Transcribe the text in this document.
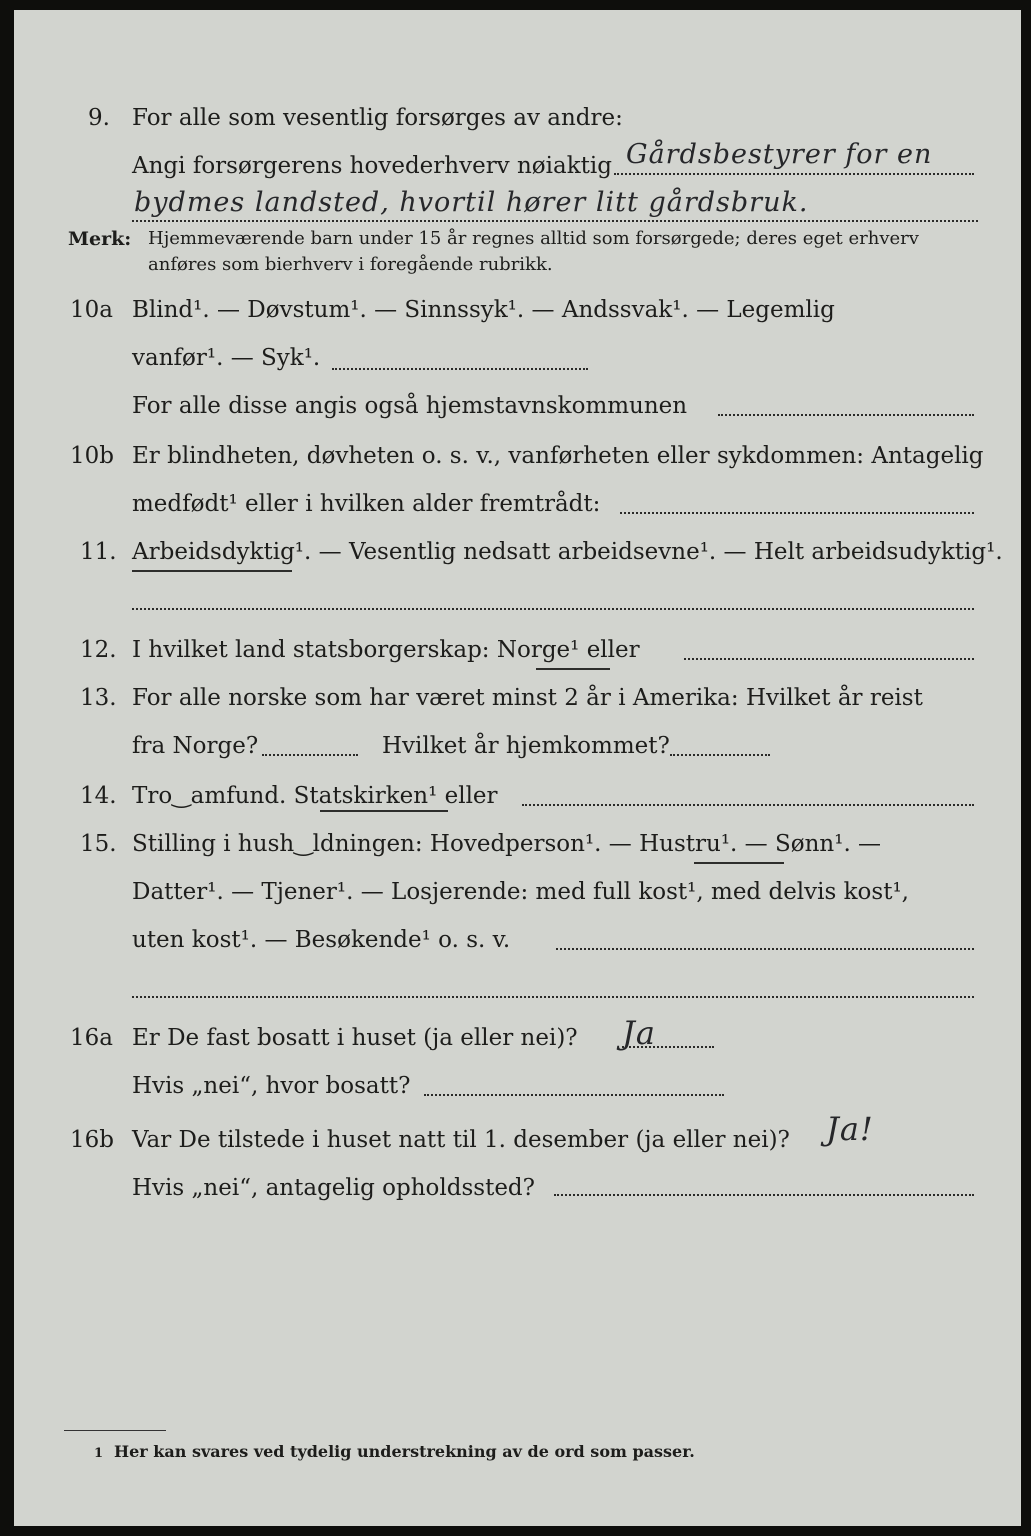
9. For alle som vesentlig forsørges av andre:
Angi forsørgerens hovederhverv nøiaktig Gårdsbestyrer for en
bydmes landsted, hvortil hører litt gårdsbruk.
Merk: Hjemmeværende barn under 15 år regnes alltid som forsørgede; deres eget erhverv
anføres som bierhverv i foregående rubrikk.
10a Blind¹. — Døvstum¹. — Sinnssyk¹. — Andssvak¹. — Legemlig
vanfør¹. — Syk¹.
For alle disse angis også hjemstavnskommunen
10b Er blindheten, døvheten o. s. v., vanførheten eller sykdommen: Antagelig
medfødt¹ eller i hvilken alder fremtrådt:
11. Arbeidsdyktig¹. — Vesentlig nedsatt arbeidsevne¹. — Helt arbeidsudyktig¹.
12. I hvilket land statsborgerskap: Norge¹ eller
13. For alle norske som har været minst 2 år i Amerika: Hvilket år reist
fra Norge?	Hvilket år hjemkommet?
14. Tro‿amfund. Statskirken¹ eller
15. Stilling i hush‿ldningen: Hovedperson¹. — Hustru¹. — Sønn¹. —
Datter¹. — Tjener¹. — Losjerende: med full kost¹, med delvis kost¹,
uten kost¹. — Besøkende¹ o. s. v.
16a Er De fast bosatt i huset (ja eller nei)? Ja
Hvis „nei“, hvor bosatt?
16b Var De tilstede i huset natt til 1. desember (ja eller nei)? Ja!
Hvis „nei“, antagelig opholdssted?
1 Her kan svares ved tydelig understrekning av de ord som passer.
